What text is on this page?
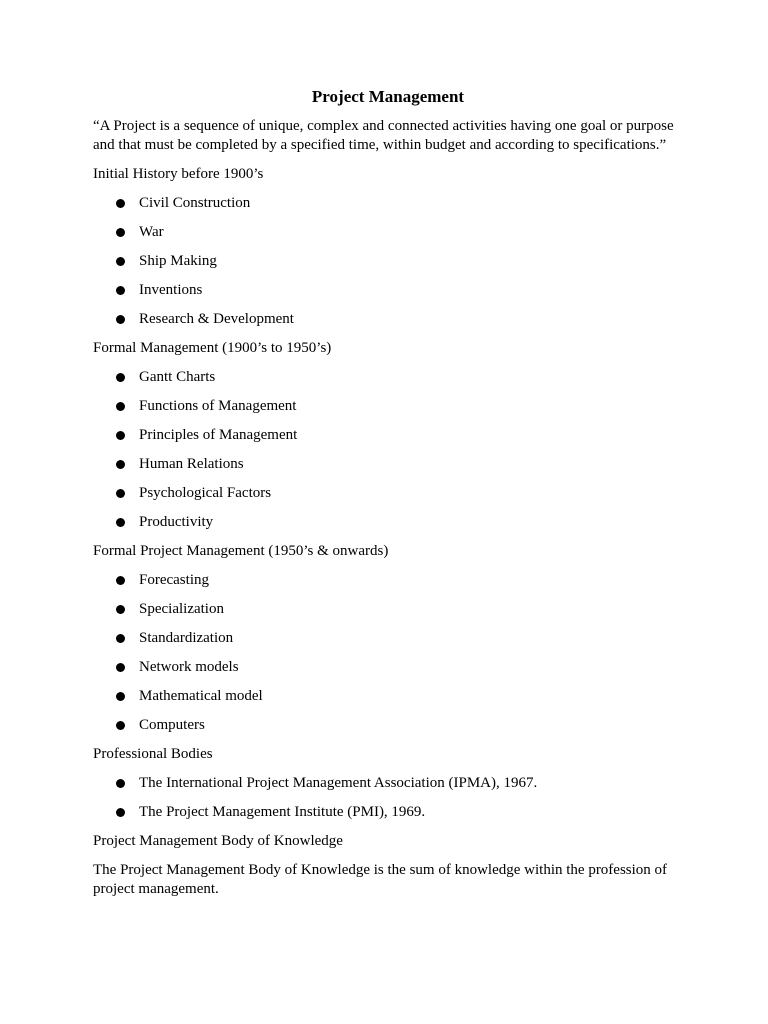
Project Management
“A Project is a sequence of unique, complex and connected activities having one goal or purpose and that must be completed by a specified time, within budget and according to specifications.”
Initial History before 1900’s
Civil Construction
War
Ship Making
Inventions
Research & Development
Formal Management (1900’s to 1950’s)
Gantt Charts
Functions of Management
Principles of Management
Human Relations
Psychological Factors
Productivity
Formal Project Management (1950’s & onwards)
Forecasting
Specialization
Standardization
Network models
Mathematical model
Computers
Professional Bodies
The International Project Management Association (IPMA), 1967.
The Project Management Institute (PMI), 1969.
Project Management Body of Knowledge
The Project Management Body of Knowledge is the sum of knowledge within the profession of project management.
